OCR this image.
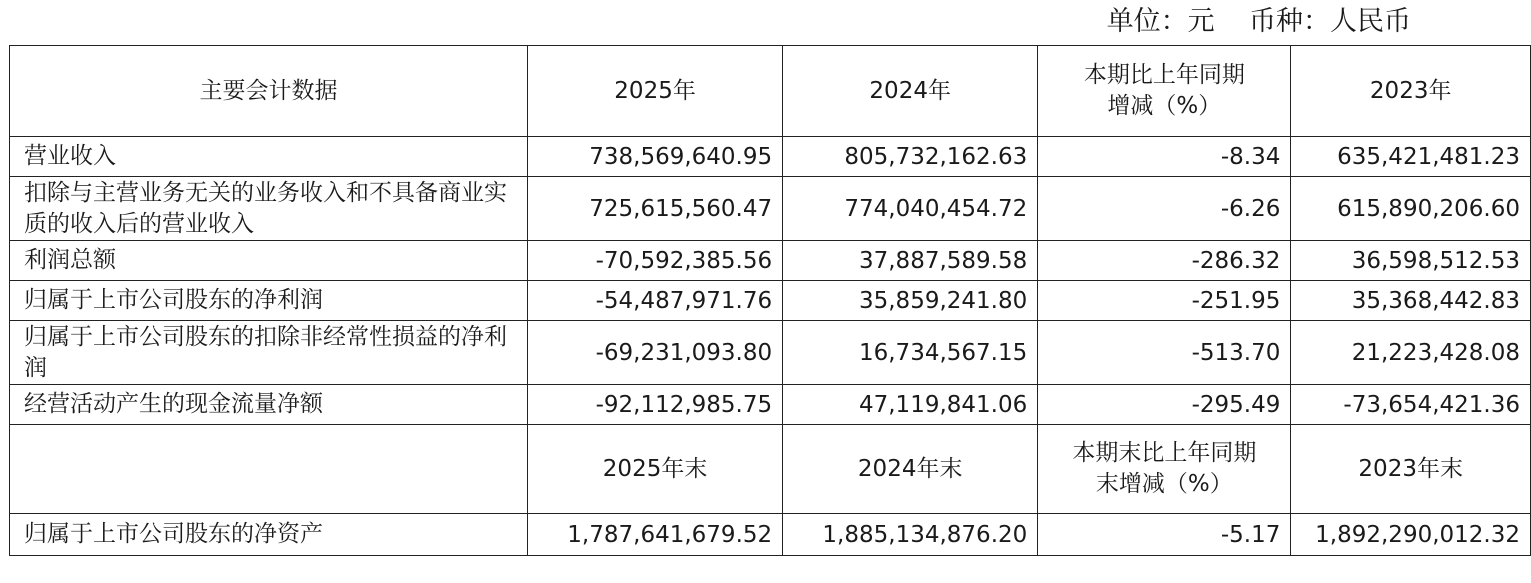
单位：元 币种：人民币
主要会计数据	2025年	2024年	本期比上年同期增减（%）	2023年
营业收入	738,569,640.95	805,732,162.63	-8.34	635,421,481.23
扣除与主营业务无关的业务收入和不具备商业实质的收入后的营业收入	725,615,560.47	774,040,454.72	-6.26	615,890,206.60
利润总额	-70,592,385.56	37,887,589.58	-286.32	36,598,512.53
归属于上市公司股东的净利润	-54,487,971.76	35,859,241.80	-251.95	35,368,442.83
归属于上市公司股东的扣除非经常性损益的净利润	-69,231,093.80	16,734,567.15	-513.70	21,223,428.08
经营活动产生的现金流量净额	-92,112,985.75	47,119,841.06	-295.49	-73,654,421.36
	2025年末	2024年末	本期末比上年同期末增减（%）	2023年末
归属于上市公司股东的净资产	1,787,641,679.52	1,885,134,876.20	-5.17	1,892,290,012.32
